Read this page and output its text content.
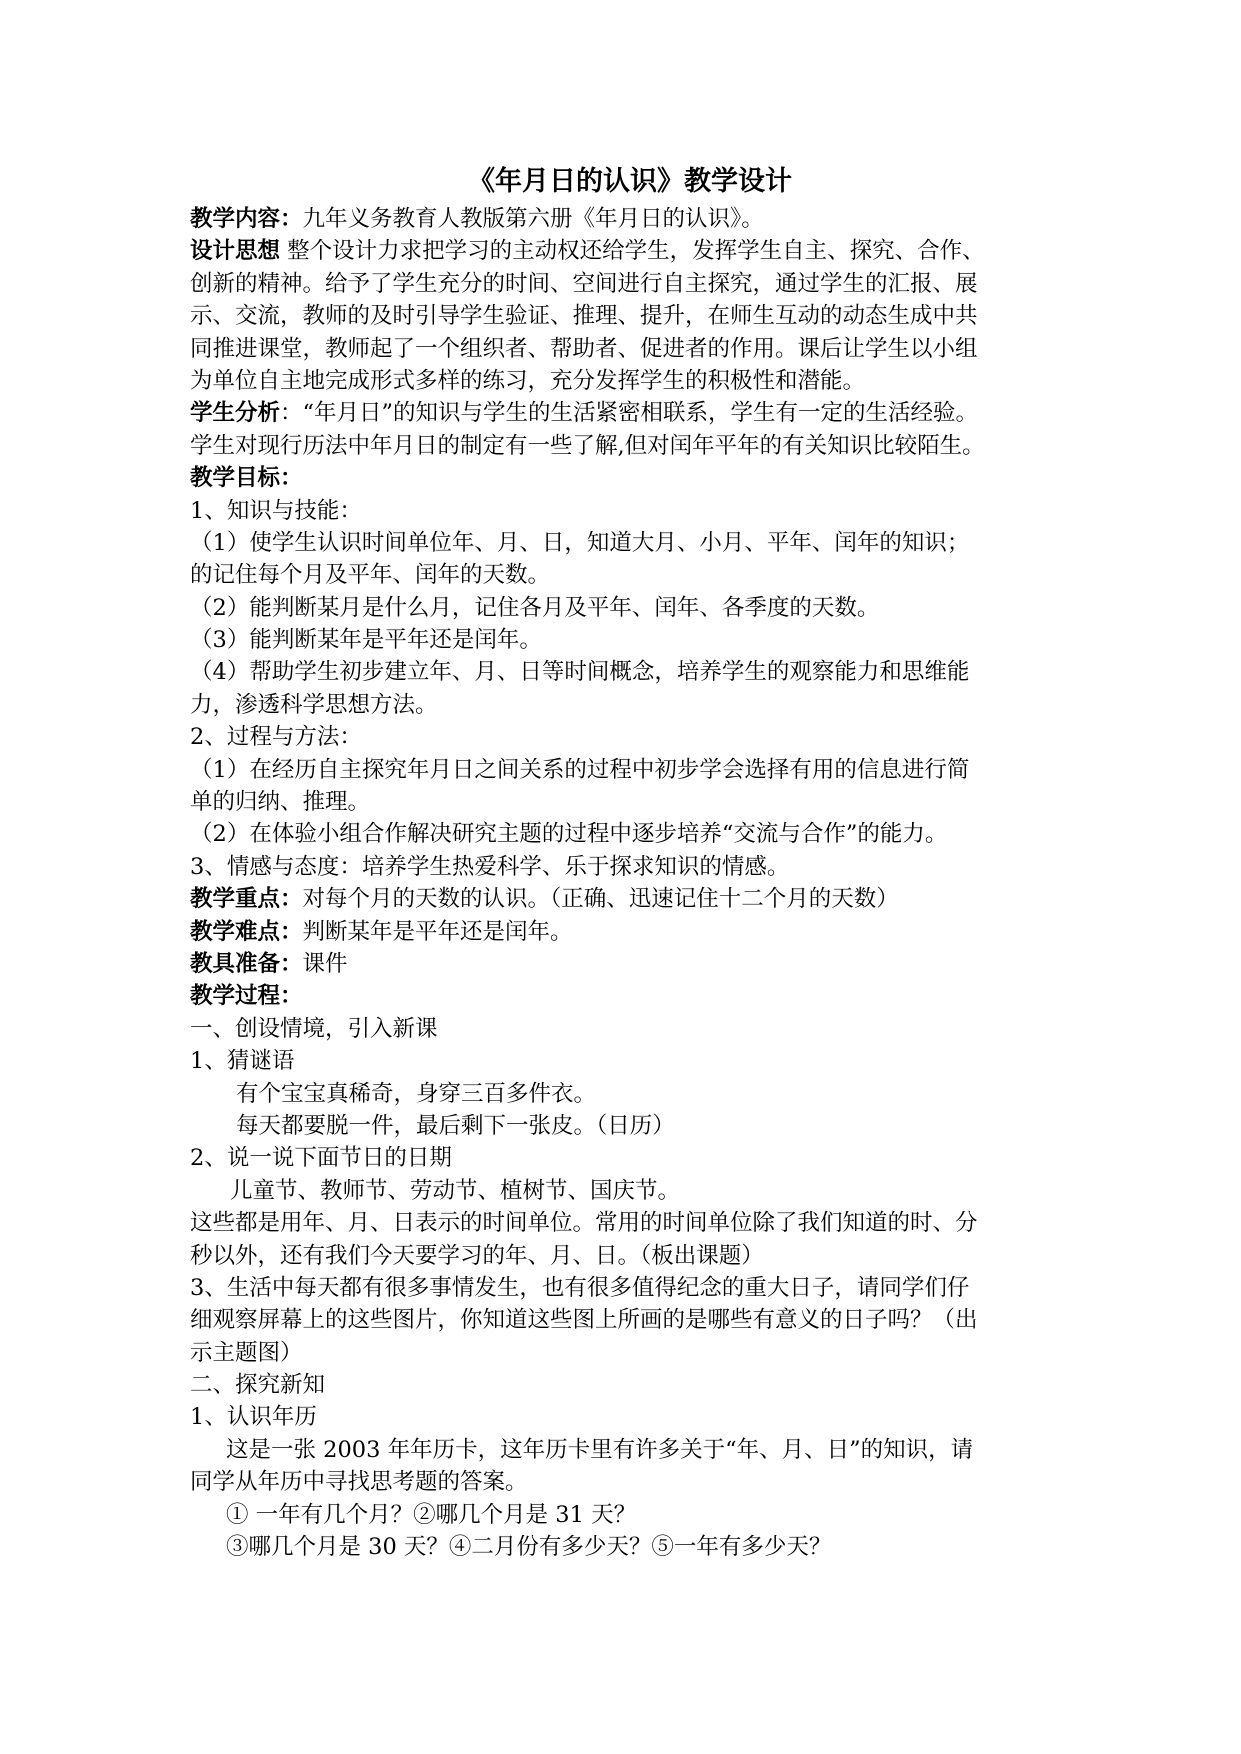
《年月日的认识》教学设计
教学内容：九年义务教育人教版第六册《年月日的认识》。
设计思想 整个设计力求把学习的主动权还给学生，发挥学生自主、探究、合作、
创新的精神。给予了学生充分的时间、空间进行自主探究，通过学生的汇报、展
示、交流，教师的及时引导学生验证、推理、提升，在师生互动的动态生成中共
同推进课堂，教师起了一个组织者、帮助者、促进者的作用。课后让学生以小组
为单位自主地完成形式多样的练习，充分发挥学生的积极性和潜能。
学生分析：“年月日”的知识与学生的生活紧密相联系，学生有一定的生活经验。
学生对现行历法中年月日的制定有一些了解,但对闰年平年的有关知识比较陌生。
教学目标：
1、知识与技能：
（1）使学生认识时间单位年、月、日，知道大月、小月、平年、闰年的知识；
的记住每个月及平年、闰年的天数。
（2）能判断某月是什么月，记住各月及平年、闰年、各季度的天数。
（3）能判断某年是平年还是闰年。
（4）帮助学生初步建立年、月、日等时间概念，培养学生的观察能力和思维能
力，渗透科学思想方法。
2、过程与方法：
（1）在经历自主探究年月日之间关系的过程中初步学会选择有用的信息进行简
单的归纳、推理。
（2）在体验小组合作解决研究主题的过程中逐步培养“交流与合作”的能力。
3、情感与态度：培养学生热爱科学、乐于探求知识的情感。
教学重点：对每个月的天数的认识。（正确、迅速记住十二个月的天数）
教学难点：判断某年是平年还是闰年。
教具准备：课件
教学过程：
一、创设情境，引入新课
1、猜谜语
有个宝宝真稀奇，身穿三百多件衣。
每天都要脱一件，最后剩下一张皮。（日历）
2、说一说下面节日的日期
儿童节、教师节、劳动节、植树节、国庆节。
这些都是用年、月、日表示的时间单位。常用的时间单位除了我们知道的时、分
秒以外，还有我们今天要学习的年、月、日。（板出课题）
3、生活中每天都有很多事情发生，也有很多值得纪念的重大日子，请同学们仔
细观察屏幕上的这些图片，你知道这些图上所画的是哪些有意义的日子吗？（出
示主题图）
二、探究新知
1、认识年历
这是一张 2003 年年历卡，这年历卡里有许多关于“年、月、日”的知识，请
同学从年历中寻找思考题的答案。
① 一年有几个月？②哪几个月是 31 天？
③哪几个月是 30 天？④二月份有多少天？⑤一年有多少天？
